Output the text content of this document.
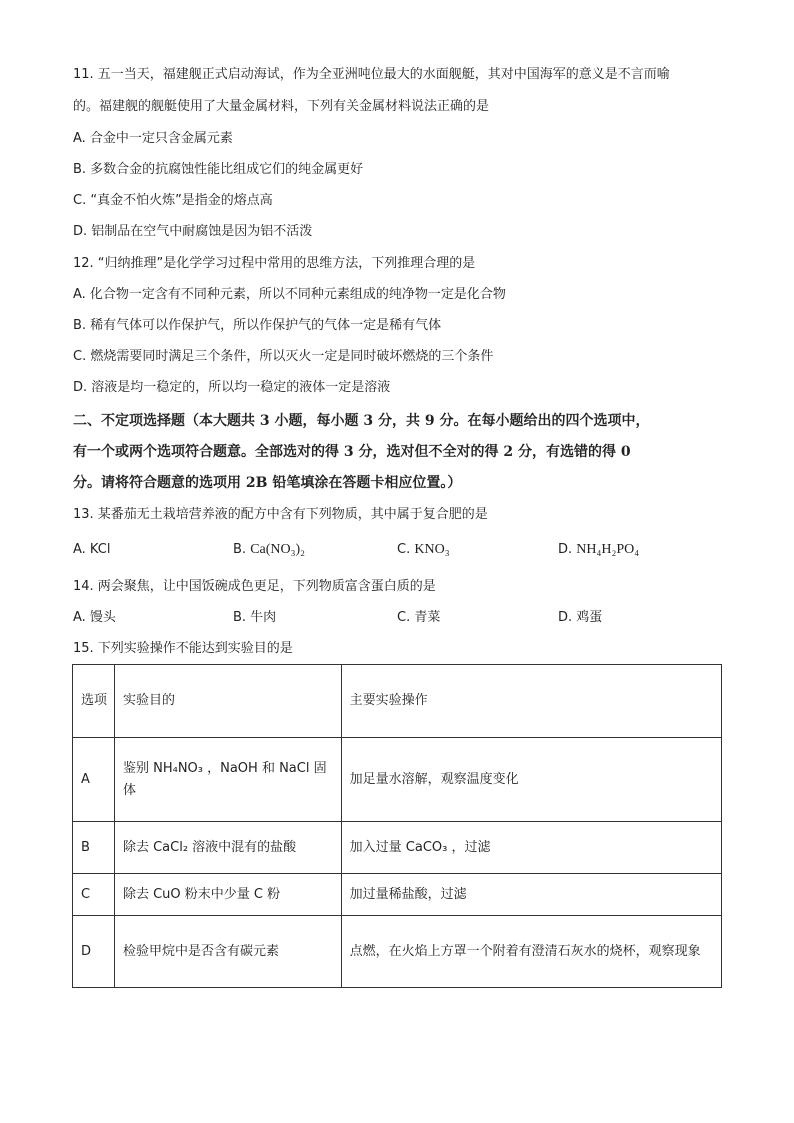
11. 五一当天，福建舰正式启动海试，作为全亚洲吨位最大的水面舰艇，其对中国海军的意义是不言而喻
的。福建舰的舰艇使用了大量金属材料，下列有关金属材料说法正确的是
A. 合金中一定只含金属元素
B. 多数合金的抗腐蚀性能比组成它们的纯金属更好
C. “真金不怕火炼”是指金的熔点高
D. 铝制品在空气中耐腐蚀是因为铝不活泼
12. “归纳推理”是化学学习过程中常用的思维方法，下列推理合理的是
A. 化合物一定含有不同种元素，所以不同种元素组成的纯净物一定是化合物
B. 稀有气体可以作保护气，所以作保护气的气体一定是稀有气体
C. 燃烧需要同时满足三个条件，所以灭火一定是同时破坏燃烧的三个条件
D. 溶液是均一稳定的，所以均一稳定的液体一定是溶液
二、不定项选择题（本大题共 3 小题，每小题 3 分，共 9 分。在每小题给出的四个选项中，
有一个或两个选项符合题意。全部选对的得 3 分，选对但不全对的得 2 分，有选错的得 0
分。请将符合题意的选项用 2B 铅笔填涂在答题卡相应位置。）
13. 某番茄无土栽培营养液的配方中含有下列物质，其中属于复合肥的是
A. KCl	B. Ca(NO₃)₂	C. KNO₃	D. NH₄H₂PO₄
14. 两会聚焦，让中国饭碗成色更足，下列物质富含蛋白质的是
A. 馒头	B. 牛肉	C. 青菜	D. 鸡蛋
15. 下列实验操作不能达到实验目的是
选项	实验目的	主要实验操作
A	鉴别 NH₄NO₃ ，NaOH 和 NaCl 固体	加足量水溶解，观察温度变化
B	除去 CaCl₂ 溶液中混有的盐酸	加入过量 CaCO₃ ，过滤
C	除去 CuO 粉末中少量 C 粉	加过量稀盐酸，过滤
D	检验甲烷中是否含有碳元素	点燃，在火焰上方罩一个附着有澄清石灰水的烧杯，观察现象
